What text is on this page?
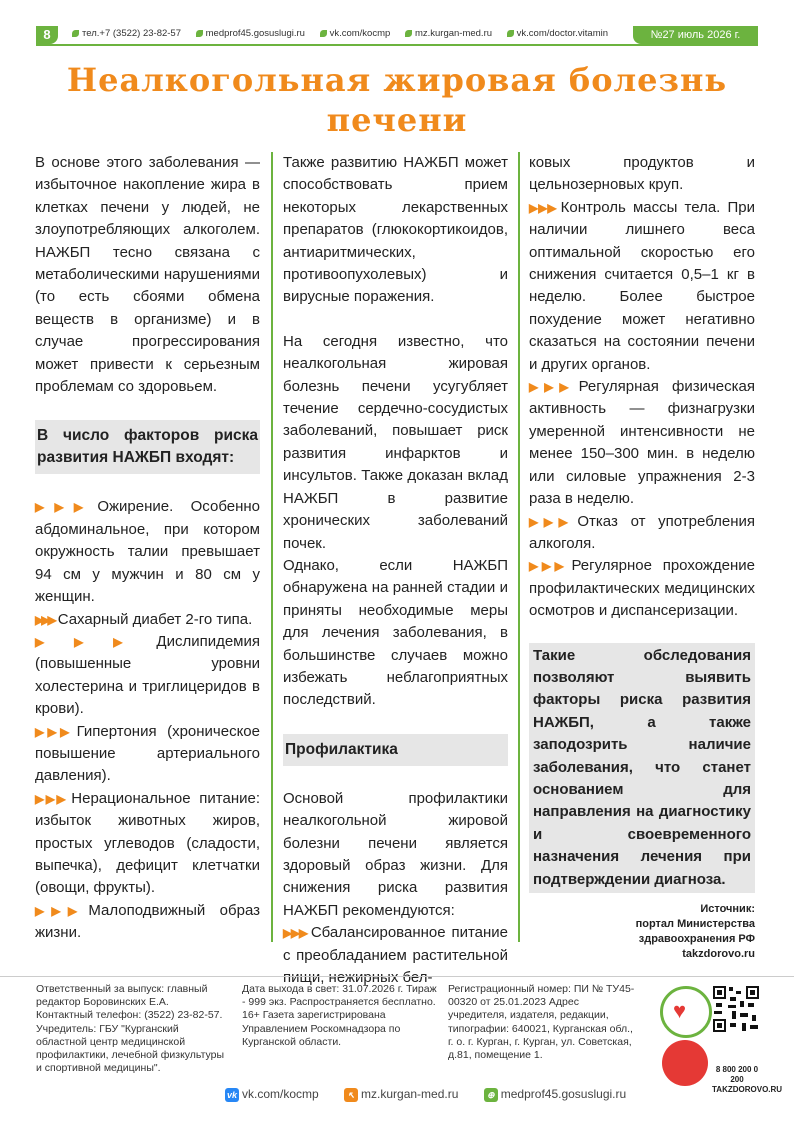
8	тел.+7 (3522) 23-82-57	medprof45.gosuslugi.ru	vk.com/kocmp	mz.kurgan-med.ru	vk.com/doctor.vitamin	№27 июль 2026 г.
Неалкогольная жировая болезнь печени

В основе этого заболевания — избыточное накопление жира в клетках печени у людей, не злоупотребляющих алкоголем. НАЖБП тесно связана с метаболическими нарушениями (то есть сбоями обмена веществ в организме) и в случае прогрессирования может привести к серьезным проблемам со здоровьем.

В число факторов риска развития НАЖБП входят:

▶▶▶ Ожирение. Особенно абдоминальное, при котором окружность талии превышает 94 см у мужчин и 80 см у женщин.

▶▶▶ Сахарный диабет 2-го типа.

▶▶▶ Дислипидемия (повышенные уровни холестерина и триглицеридов в крови).

▶▶▶ Гипертония (хроническое повышение артериального давления).

▶▶▶ Нерациональное питание: избыток животных жиров, простых углеводов (сладости, выпечка), дефицит клетчатки (овощи, фрукты).

▶▶▶ Малоподвижный образ жизни.

Также развитию НАЖБП может способствовать прием некоторых лекарственных препаратов (глюкокортикоидов, антиаритмических, противоопухолевых) и вирусные поражения.

На сегодня известно, что неалкогольная жировая болезнь печени усугубляет течение сердечно-сосудистых заболеваний, повышает риск развития инфарктов и инсультов. Также доказан вклад НАЖБП в развитие хронических заболеваний почек.

Однако, если НАЖБП обнаружена на ранней стадии и приняты необходимые меры для лечения заболевания, в большинстве случаев можно избежать неблагоприятных последствий.

Профилактика

Основой профилактики неалкогольной жировой болезни печени является здоровый образ жизни. Для снижения риска развития НАЖБП рекомендуются:

▶▶▶ Сбалансированное питание с преобладанием растительной пищи, нежирных бел-

ковых продуктов и цельнозерновых круп.

▶▶▶ Контроль массы тела. При наличии лишнего веса оптимальной скоростью его снижения считается 0,5–1 кг в неделю. Более быстрое похудение может негативно сказаться на состоянии печени и других органов.

▶▶▶ Регулярная физическая активность — физнагрузки умеренной интенсивности не менее 150–300 мин. в неделю или силовые упражнения 2-3 раза в неделю.

▶▶▶ Отказ от употребления алкоголя.

▶▶▶ Регулярное прохождение профилактических медицинских осмотров и диспансеризации.

Такие обследования позволяют выявить факторы риска развития НАЖБП, а также заподозрить наличие заболевания, что станет основанием для направления на диагностику и своевременного назначения лечения при подтверждении диагноза.
Источник:
портал Министерства
здравоохранения РФ
takzdorovo.ru
Ответственный за выпуск: главный редактор Боровинских Е.А. Контактный телефон: (3522) 23-82-57. Учредитель: ГБУ "Курганский областной центр медицинской профилактики, лечебной физкультуры и спортивной медицины".
Дата выхода в свет: 31.07.2026 г. Тираж - 999 экз. Распространяется бесплатно. 16+ Газета зарегистрирована Управлением Роскомнадзора по Курганской области.
Регистрационный номер: ПИ № ТУ45-00320 от 25.01.2023 Адрес учредителя, издателя, редакции, типографии: 640021, Курганская обл., г. о. г. Курган, г. Курган, ул. Советская, д.81, помещение 1.
vk vk.com/kocmp	↖ mz.kurgan-med.ru	⊕ medprof45.gosuslugi.ru
♥
8 800 200 0 200 TAKZDOROVO.RU
